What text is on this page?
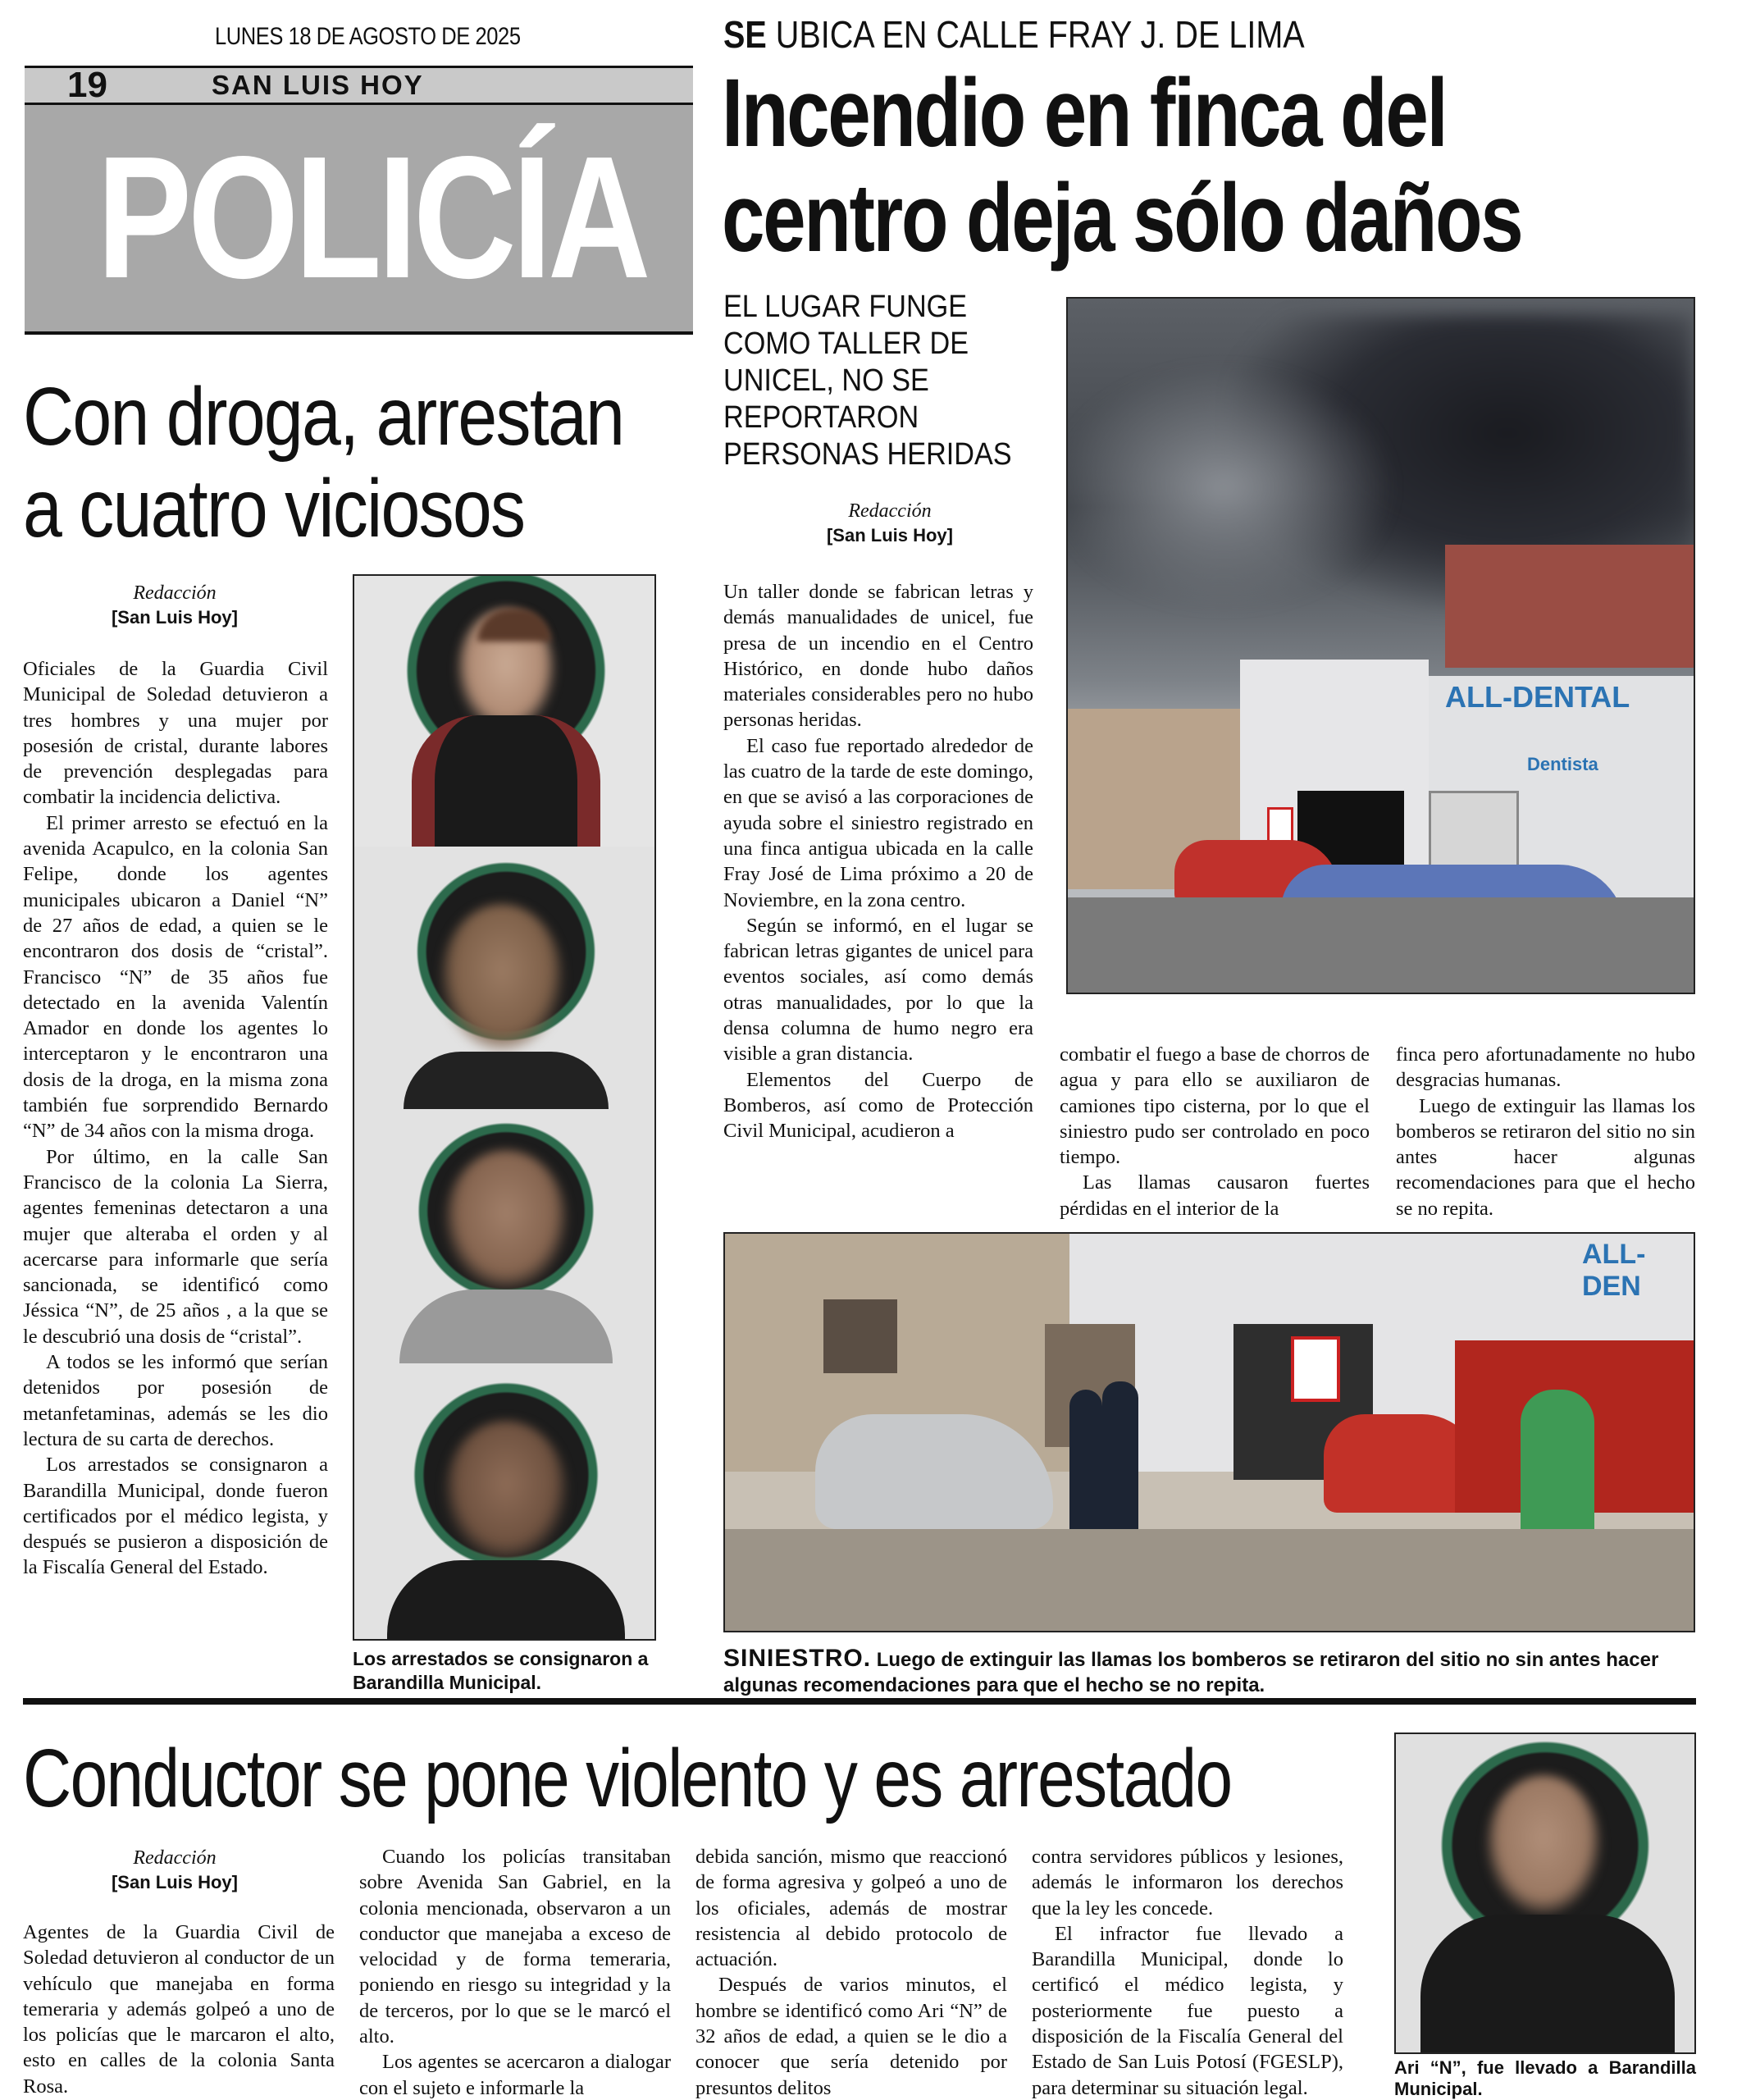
LUNES 18 DE AGOSTO DE 2025
19	SAN LUIS HOY
POLICÍA
Con droga, arrestan a cuatro viciosos
Redacción
[San Luis Hoy]

Oficiales de la Guardia Civil Municipal de Soledad detuvieron a tres hombres y una mujer por posesión de cristal, durante labores de prevención desplegadas para combatir la incidencia delictiva.

El primer arresto se efectuó en la avenida Acapulco, en la colonia San Felipe, donde los agentes municipales ubicaron a Daniel “N” de 27 años de edad, a quien se le encontraron dos dosis de “cristal”. Francisco “N” de 35 años fue detectado en la avenida Valentín Amador en donde los agentes lo interceptaron y le encontraron una dosis de la droga, en la misma zona también fue sorprendido Bernardo “N” de 34 años con la misma droga.

Por último, en la calle San Francisco de la colonia La Sierra, agentes femeninas detectaron a una mujer que alteraba el orden y al acercarse para informarle que sería sancionada, se identificó como Jéssica “N”, de 25 años , a la que se le descubrió una dosis de “cristal”.

A todos se les informó que serían detenidos por posesión de metanfetaminas, además se les dio lectura de su carta de derechos.

Los arrestados se consignaron a Barandilla Municipal, donde fueron certificados por el médico legista, y después se pusieron a disposición de la Fiscalía General del Estado.

Los arrestados se consignaron a Barandilla Municipal.
SE UBICA EN CALLE FRAY J. DE LIMA
Incendio en finca del
centro deja sólo daños
EL LUGAR FUNGE COMO TALLER DE UNICEL, NO SE REPORTARON PERSONAS HERIDAS
Redacción
[San Luis Hoy]
ALL-DENTAL
Dentista

Un taller donde se fabrican letras y demás manualidades de unicel, fue presa de un incendio en el Centro Histórico, en donde hubo daños materiales considerables pero no hubo personas heridas.

El caso fue reportado alrededor de las cuatro de la tarde de este domingo, en que se avisó a las corporaciones de ayuda sobre el siniestro registrado en una finca antigua ubicada en la calle Fray José de Lima próximo a 20 de Noviembre, en la zona centro.

Según se informó, en el lugar se fabrican letras gigantes de unicel para eventos sociales, así como demás otras manualidades, por lo que la densa columna de humo negro era visible a gran distancia.

Elementos del Cuerpo de Bomberos, así como de Protección Civil Municipal, acudieron a

combatir el fuego a base de chorros de agua y para ello se auxiliaron de camiones tipo cisterna, por lo que el siniestro pudo ser controlado en poco tiempo.

Las llamas causaron fuertes pérdidas en el interior de la

finca pero afortunadamente no hubo desgracias humanas.

Luego de extinguir las llamas los bomberos se retiraron del sitio no sin antes hacer algunas recomendaciones para que el hecho se no repita.

ALL-DEN
SINIESTRO. Luego de extinguir las llamas los bomberos se retiraron del sitio no sin antes hacer algunas recomendaciones para que el hecho se no repita.
Conductor se pone violento y es arrestado
Redacción
[San Luis Hoy]

Agentes de la Guardia Civil de Soledad detuvieron al conductor de un vehículo que manejaba en forma temeraria y además golpeó a uno de los policías que le marcaron el alto, esto en calles de la colonia Santa Rosa.

Cuando los policías transitaban sobre Avenida San Gabriel, en la colonia mencionada, observaron a un conductor que manejaba a exceso de velocidad y de forma temeraria, poniendo en riesgo su integridad y la de terceros, por lo que se le marcó el alto.

Los agentes se acercaron a dialogar con el sujeto e informarle la

debida sanción, mismo que reaccionó de forma agresiva y golpeó a uno de los oficiales, además de mostrar resistencia al debido protocolo de actuación.

Después de varios minutos, el hombre se identificó como Ari “N” de 32 años de edad, a quien se le dio a conocer que sería detenido por presuntos delitos

contra servidores públicos y lesiones, además le informaron los derechos que la ley les concede.

El infractor fue llevado a Barandilla Municipal, donde lo certificó el médico legista, y posteriormente fue puesto a disposición de la Fiscalía General del Estado de San Luis Potosí (FGESLP), para determinar su situación legal.

Ari “N”, fue llevado a Barandilla Municipal.
